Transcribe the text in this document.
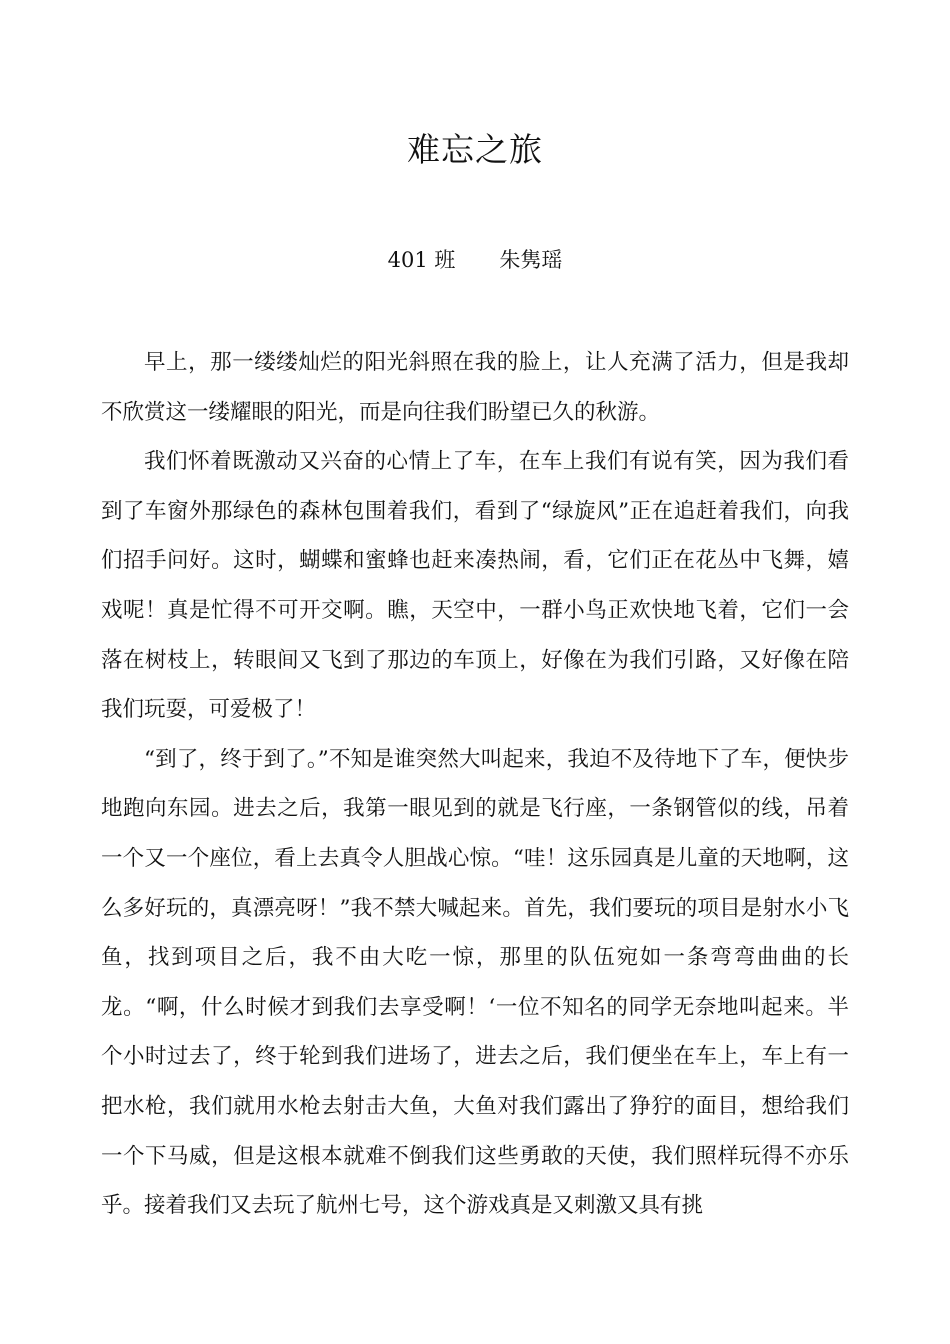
难忘之旅
401 班 朱隽瑶

早上，那一缕缕灿烂的阳光斜照在我的脸上，让人充满了活力，但是我却不欣赏这一缕耀眼的阳光，而是向往我们盼望已久的秋游。

我们怀着既激动又兴奋的心情上了车，在车上我们有说有笑，因为我们看到了车窗外那绿色的森林包围着我们，看到了“绿旋风”正在追赶着我们，向我们招手问好。这时，蝴蝶和蜜蜂也赶来凑热闹，看，它们正在花丛中飞舞，嬉戏呢！真是忙得不可开交啊。瞧，天空中，一群小鸟正欢快地飞着，它们一会落在树枝上，转眼间又飞到了那边的车顶上，好像在为我们引路，又好像在陪我们玩耍，可爱极了！

“到了，终于到了。”不知是谁突然大叫起来，我迫不及待地下了车，便快步地跑向东园。进去之后，我第一眼见到的就是飞行座，一条钢管似的线，吊着一个又一个座位，看上去真令人胆战心惊。“哇！这乐园真是儿童的天地啊，这么多好玩的，真漂亮呀！”我不禁大喊起来。首先，我们要玩的项目是射水小飞鱼，找到项目之后，我不由大吃一惊，那里的队伍宛如一条弯弯曲曲的长龙。“啊，什么时候才到我们去享受啊！‘一位不知名的同学无奈地叫起来。半个小时过去了，终于轮到我们进场了，进去之后，我们便坐在车上，车上有一把水枪，我们就用水枪去射击大鱼，大鱼对我们露出了狰狞的面目，想给我们一个下马威，但是这根本就难不倒我们这些勇敢的天使，我们照样玩得不亦乐乎。接着我们又去玩了航州七号，这个游戏真是又刺激又具有挑
